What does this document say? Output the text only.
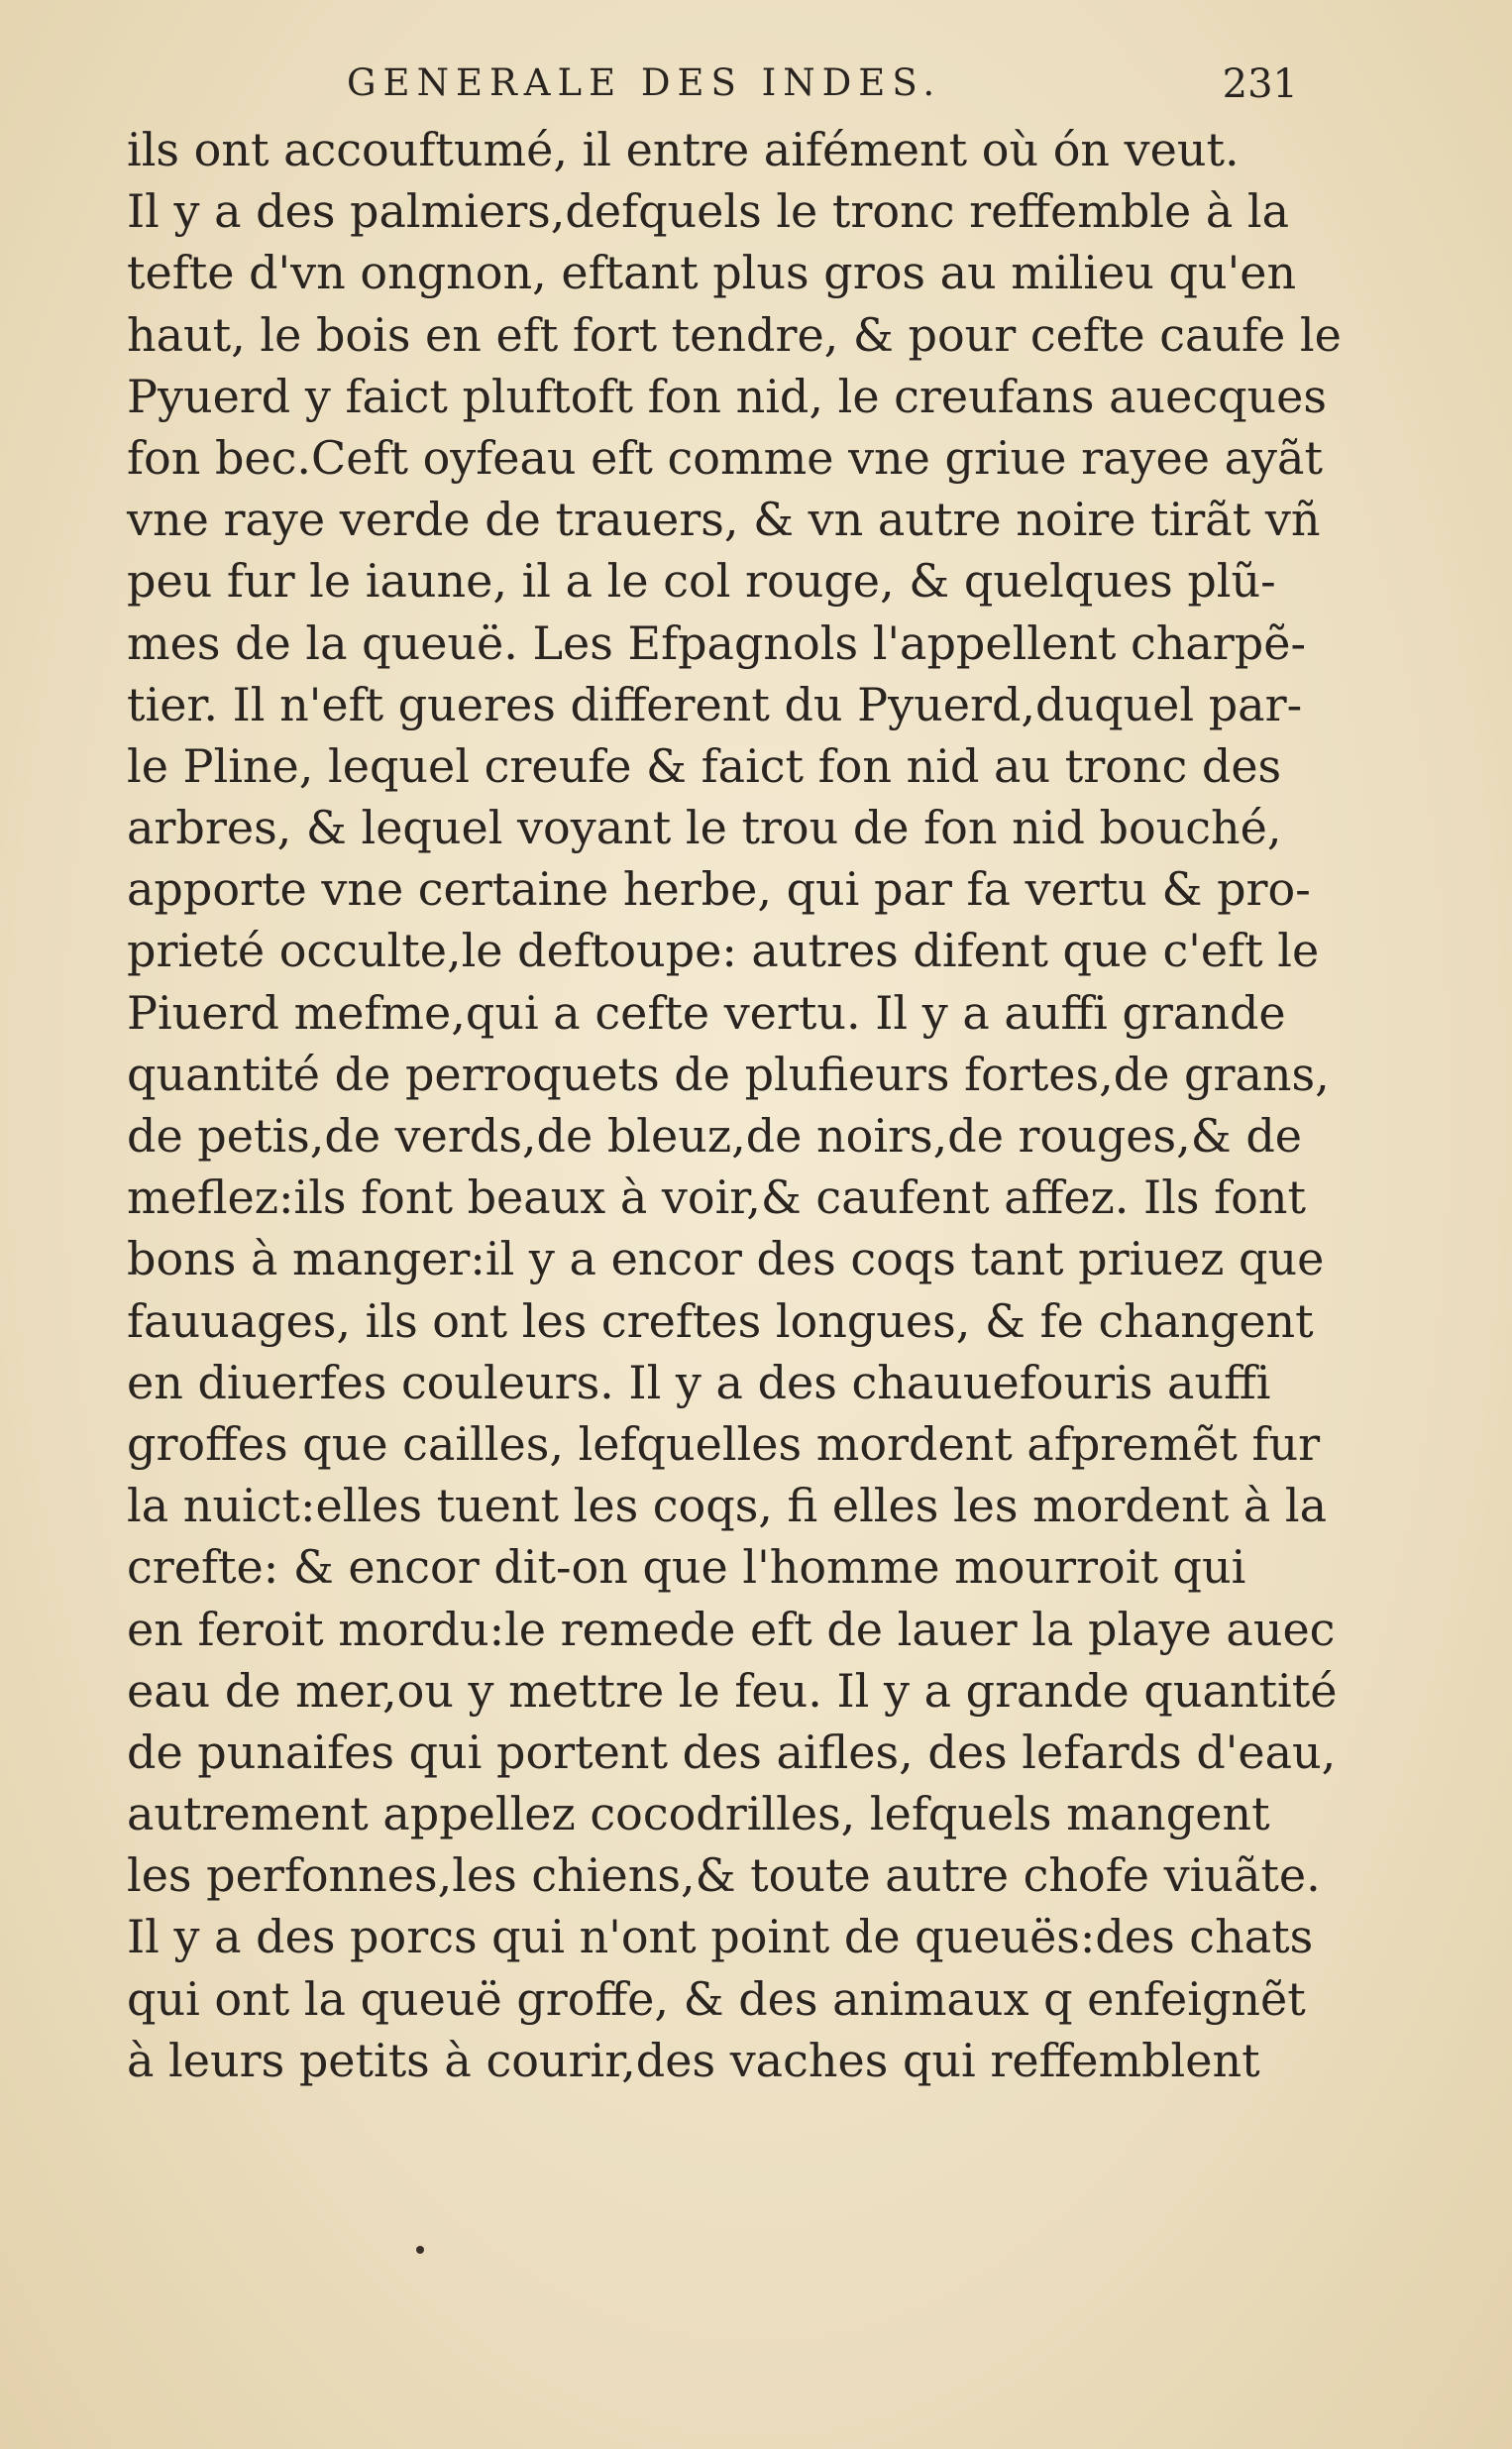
GENERALE DES INDES.	231
ils ont accouftumé, il entre aifément où ón veut.
Il y a des palmiers,defquels le tronc reffemble à la
tefte d'vn ongnon, eftant plus gros au milieu qu'en
haut, le bois en eft fort tendre, & pour cefte caufe le
Pyuerd y faict pluftoft fon nid, le creufans auecques
fon bec.Ceft oyfeau eft comme vne griue rayee ayãt
vne raye verde de trauers, & vn autre noire tirãt vñ
peu fur le iaune, il a le col rouge, & quelques plũ-
mes de la queuë. Les Efpagnols l'appellent charpẽ-
tier. Il n'eft gueres different du Pyuerd,duquel par-
le Pline, lequel creufe & faict fon nid au tronc des
arbres, & lequel voyant le trou de fon nid bouché,
apporte vne certaine herbe, qui par fa vertu & pro-
prieté occulte,le deftoupe: autres difent que c'eft le
Piuerd mefme,qui a cefte vertu. Il y a auffi grande
quantité de perroquets de plufieurs fortes,de grans,
de petis,de verds,de bleuz,de noirs,de rouges,& de
meflez:ils font beaux à voir,& caufent affez. Ils font
bons à manger:il y a encor des coqs tant priuez que
fauuages, ils ont les creftes longues, & fe changent
en diuerfes couleurs. Il y a des chauuefouris auffi
groffes que cailles, lefquelles mordent afpremẽt fur
la nuict:elles tuent les coqs, fi elles les mordent à la
crefte: & encor dit-on que l'homme mourroit qui
en feroit mordu:le remede eft de lauer la playe auec
eau de mer,ou y mettre le feu. Il y a grande quantité
de punaifes qui portent des aifles, des lefards d'eau,
autrement appellez cocodrilles, lefquels mangent
les perfonnes,les chiens,& toute autre chofe viuãte.
Il y a des porcs qui n'ont point de queuës:des chats
qui ont la queuë groffe, & des animaux q enfeignẽt
à leurs petits à courir,des vaches qui reffemblent
